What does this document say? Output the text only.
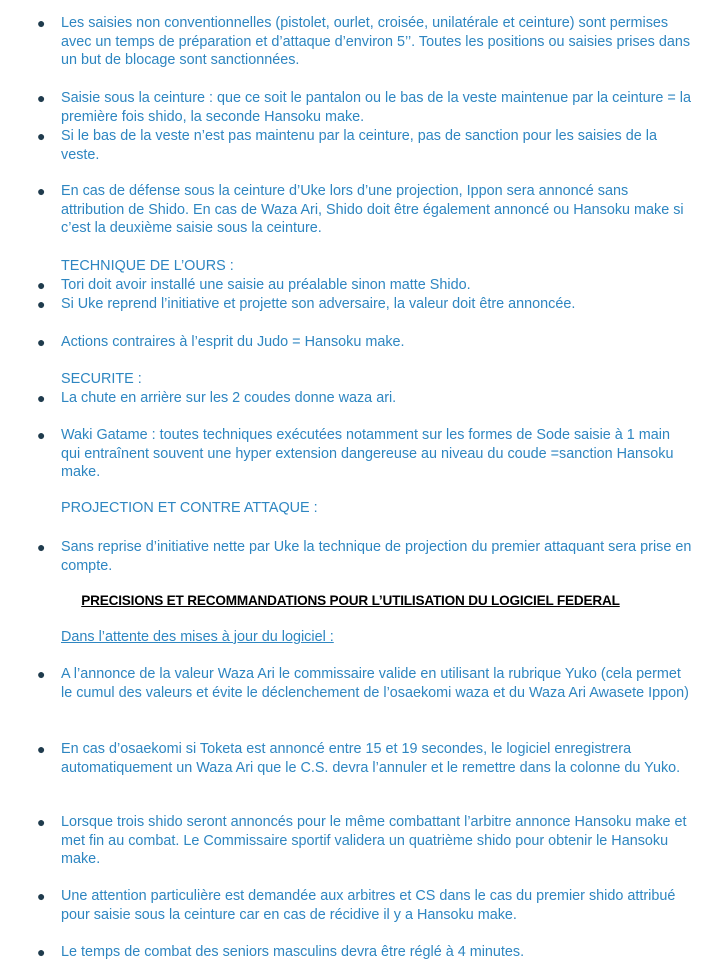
● Les saisies non conventionnelles (pistolet, ourlet, croisée, unilatérale et ceinture) sont permises avec un temps de préparation et d’attaque d’environ 5’’. Toutes les positions ou saisies prises dans un but de blocage sont sanctionnées.
● Saisie sous la ceinture : que ce soit le pantalon ou le bas de la veste maintenue par la ceinture = la première fois shido, la seconde Hansoku make.
● Si le bas de la veste n’est pas maintenu par la ceinture, pas de sanction pour les saisies de la veste.
● En cas de défense sous la ceinture d’Uke lors d’une projection, Ippon sera annoncé sans attribution de Shido. En cas de Waza Ari, Shido doit être également annoncé ou Hansoku make si c’est la deuxième saisie sous la ceinture.
TECHNIQUE DE L’OURS :
● Tori doit avoir installé une saisie au préalable sinon matte Shido.
● Si Uke reprend l’initiative et projette son adversaire, la valeur doit être annoncée.
● Actions contraires à l’esprit du Judo = Hansoku make.
SECURITE :
● La chute en arrière sur les 2 coudes donne waza ari.
● Waki Gatame : toutes techniques exécutées notamment sur les formes de Sode saisie à 1 main qui entraînent souvent une hyper extension dangereuse au niveau du coude =sanction Hansoku make.
PROJECTION ET CONTRE ATTAQUE :
● Sans reprise d’initiative nette par Uke la technique de projection du premier attaquant sera prise en compte.
PRECISIONS ET RECOMMANDATIONS POUR L’UTILISATION DU LOGICIEL FEDERAL
Dans l’attente des mises à jour du logiciel :
● A l’annonce de la valeur Waza Ari le commissaire valide en utilisant la rubrique Yuko (cela permet le cumul des valeurs et évite le déclenchement de l’osaekomi waza et du Waza Ari Awasete Ippon)
● En cas d’osaekomi si Toketa est annoncé entre 15 et 19 secondes, le logiciel enregistrera automatiquement un Waza Ari que le C.S. devra l’annuler et le remettre dans la colonne du Yuko.
● Lorsque trois shido seront annoncés pour le même combattant l’arbitre annonce Hansoku make et met fin au combat. Le Commissaire sportif validera un quatrième shido pour obtenir le Hansoku make.
● Une attention particulière est demandée aux arbitres et CS dans le cas du premier shido attribué pour saisie sous la ceinture car en cas de récidive il y a Hansoku make.
● Le temps de combat des seniors masculins devra être réglé à 4 minutes.
